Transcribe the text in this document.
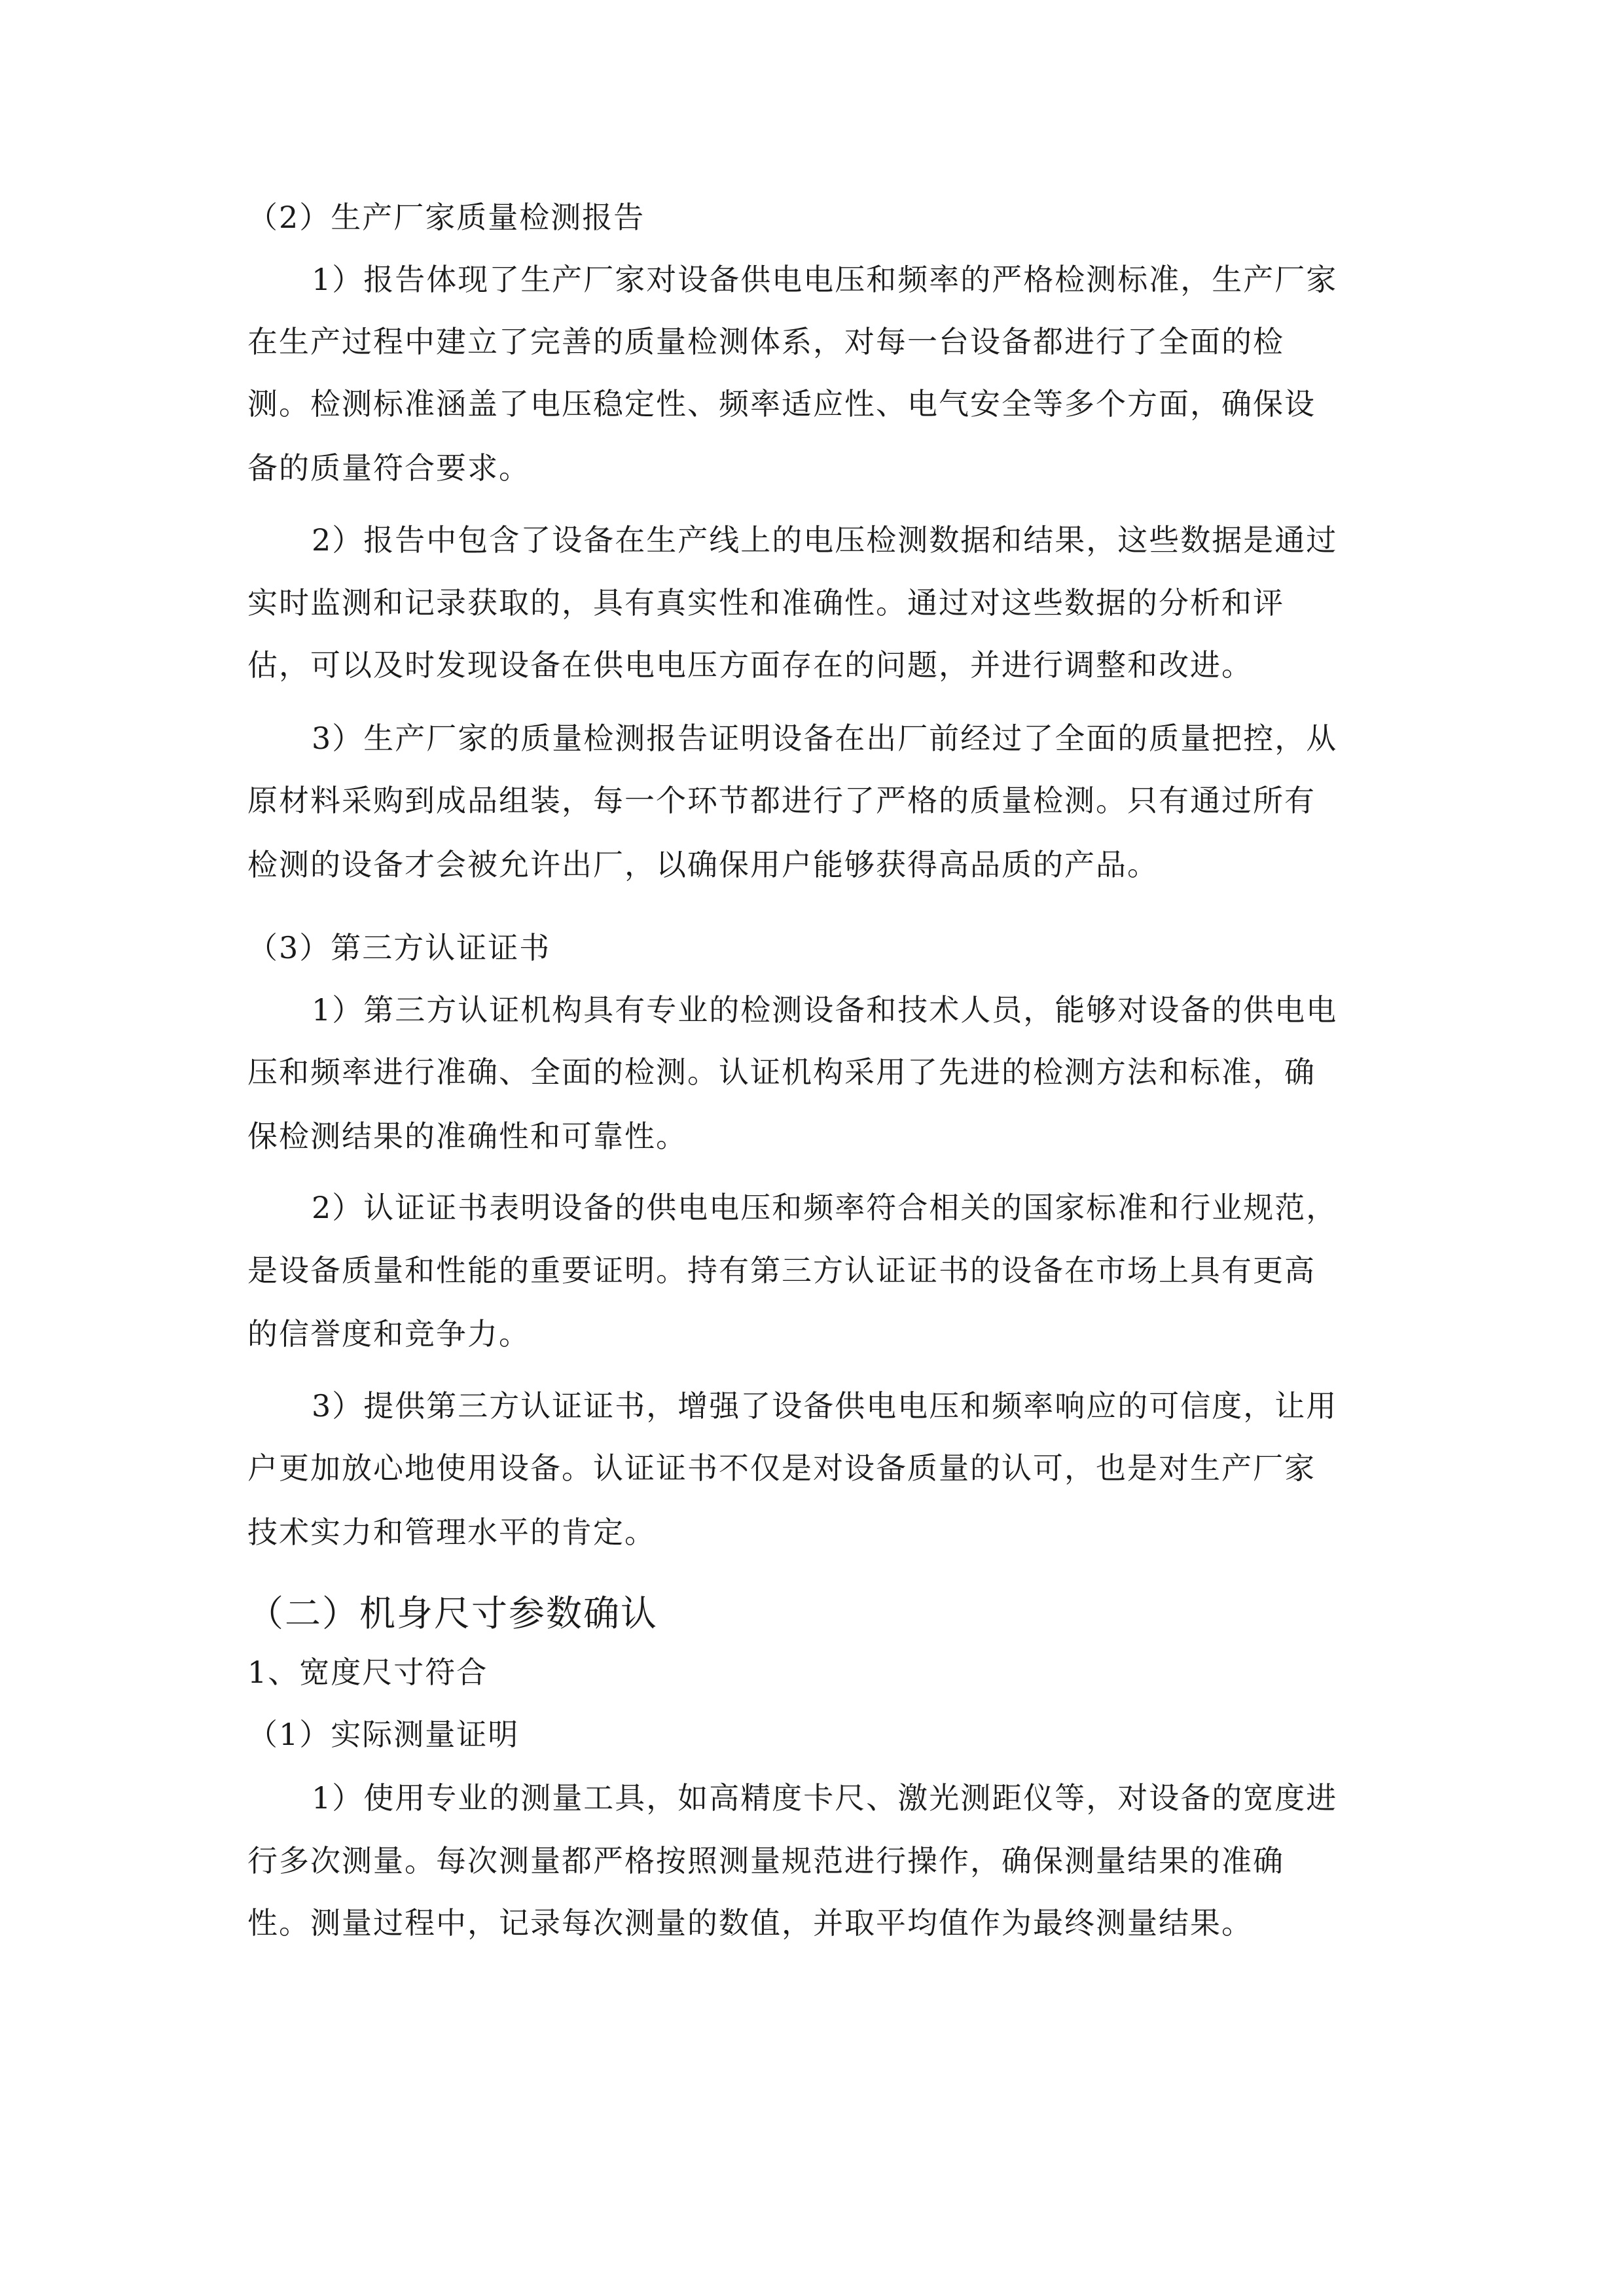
（2）生产厂家质量检测报告
1）报告体现了生产厂家对设备供电电压和频率的严格检测标准，生产厂家
在生产过程中建立了完善的质量检测体系，对每一台设备都进行了全面的检
测。检测标准涵盖了电压稳定性、频率适应性、电气安全等多个方面，确保设
备的质量符合要求。
2）报告中包含了设备在生产线上的电压检测数据和结果，这些数据是通过
实时监测和记录获取的，具有真实性和准确性。通过对这些数据的分析和评
估，可以及时发现设备在供电电压方面存在的问题，并进行调整和改进。
3）生产厂家的质量检测报告证明设备在出厂前经过了全面的质量把控，从
原材料采购到成品组装，每一个环节都进行了严格的质量检测。只有通过所有
检测的设备才会被允许出厂，以确保用户能够获得高品质的产品。
（3）第三方认证证书
1）第三方认证机构具有专业的检测设备和技术人员，能够对设备的供电电
压和频率进行准确、全面的检测。认证机构采用了先进的检测方法和标准，确
保检测结果的准确性和可靠性。
2）认证证书表明设备的供电电压和频率符合相关的国家标准和行业规范，
是设备质量和性能的重要证明。持有第三方认证证书的设备在市场上具有更高
的信誉度和竞争力。
3）提供第三方认证证书，增强了设备供电电压和频率响应的可信度，让用
户更加放心地使用设备。认证证书不仅是对设备质量的认可，也是对生产厂家
技术实力和管理水平的肯定。
（二）机身尺寸参数确认
1、宽度尺寸符合
（1）实际测量证明
1）使用专业的测量工具，如高精度卡尺、激光测距仪等，对设备的宽度进
行多次测量。每次测量都严格按照测量规范进行操作，确保测量结果的准确
性。测量过程中，记录每次测量的数值，并取平均值作为最终测量结果。
